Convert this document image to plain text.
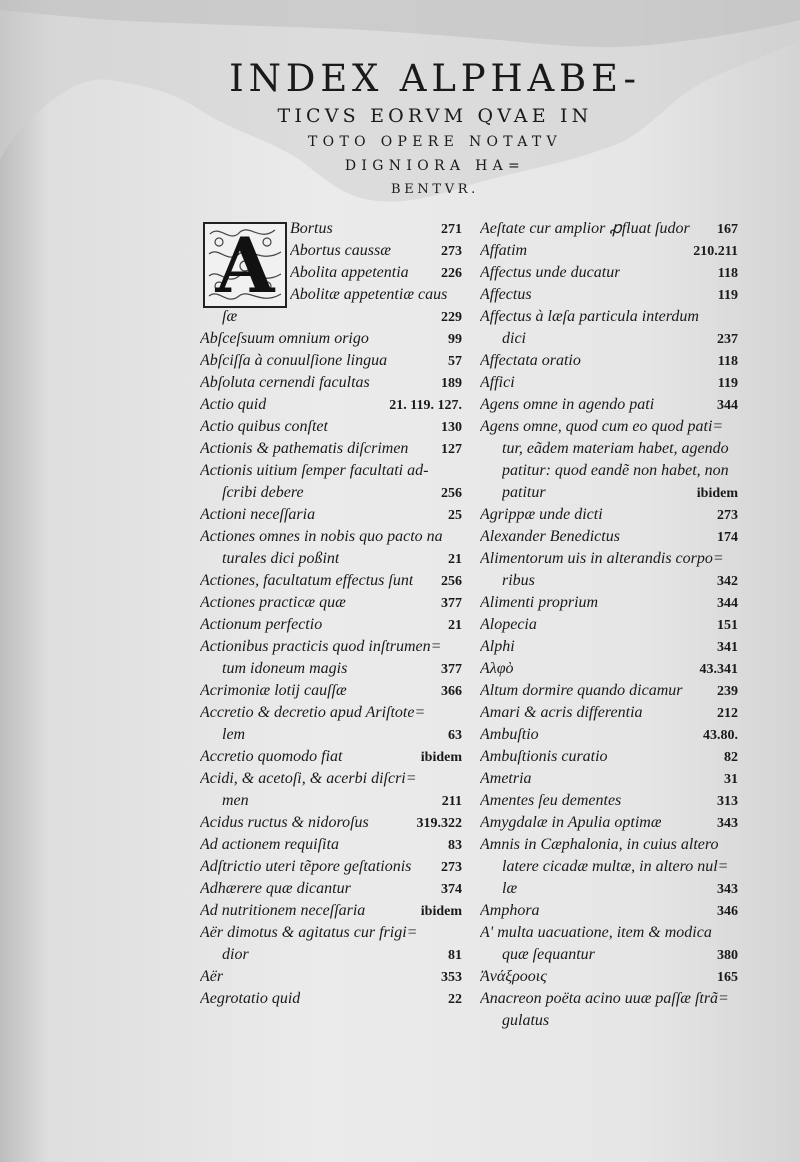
INDEX ALPHABE-
TICVS EORVM QVAE IN
TOTO OPERE NOTATV
DIGNIORA HA=
BENTVR.
A Bortus	271
Abortus caussæ	273
Abolita appetentia 226
Abolitæ appetentiæ caus
ſæ	229
Abſceſsuum omnium origo	99
Abſciſſa à conuulſione lingua	57
Abſoluta cernendi facultas	189
Actio quid	21. 119. 127.
Actio quibus conſtet	130
Actionis & pathematis diſcrimen 127
Actionis uitium ſemper facultati ad-
ſcribi debere	256
Actioni neceſſaria	25
Actiones omnes in nobis quo pacto na
turales dici poßint	21
Actiones, facultatum effectus ſunt 256
Actiones practicæ quæ	377
Actionum perfectio	21
Actionibus practicis quod inſtrumen=
tum idoneum magis	377
Acrimoniæ lotij cauſſæ	366
Accretio & decretio apud Ariſtote=
lem	63
Accretio quomodo fiat	ibidem
Acidi, & acetoſi, & acerbi diſcri=
men	211
Acidus ructus & nidoroſus	319.322
Ad actionem requiſita	83
Adſtrictio uteri tẽpore geſtationis 273
Adhærere quæ dicantur	374
Ad nutritionem neceſſaria	ibidem
Aër dimotus & agitatus cur frigi=
dior	81
Aër	353
Aegrotatio quid	22
Aeſtate cur amplior ꝓfluat ſudor 167
Affatim	210.211
Affectus unde ducatur	118
Affectus	119
Affectus à læſa particula interdum
dici	237
Affectata oratio	118
Affici	119
Agens omne in agendo pati	344
Agens omne, quod cum eo quod pati=
tur, eãdem materiam habet, agendo
patitur: quod eandẽ non habet, non
patitur	ibidem
Agrippæ unde dicti	273
Alexander Benedictus	174
Alimentorum uis in alterandis corpo=
ribus	342
Alimenti proprium	344
Alopecia	151
Alphi	341
Αλφὸ	43.341
Altum dormire quando dicamur 239
Amari & acris differentia	212
Ambuſtio	43.80.
Ambuſtionis curatio	82
Ametria	31
Amentes ſeu dementes	313
Amygdalæ in Apulia optimæ	343
Amnis in Cæphalonia, in cuius altero
latere cicadæ multæ, in altero nul=
læ	343
Amphora	346
A' multa uacuatione, item & modica
quæ ſequantur	380
Ἀνάξροοις	165
Anacreon poëta acino uuæ paſſæ ſtrã=
gulatus
